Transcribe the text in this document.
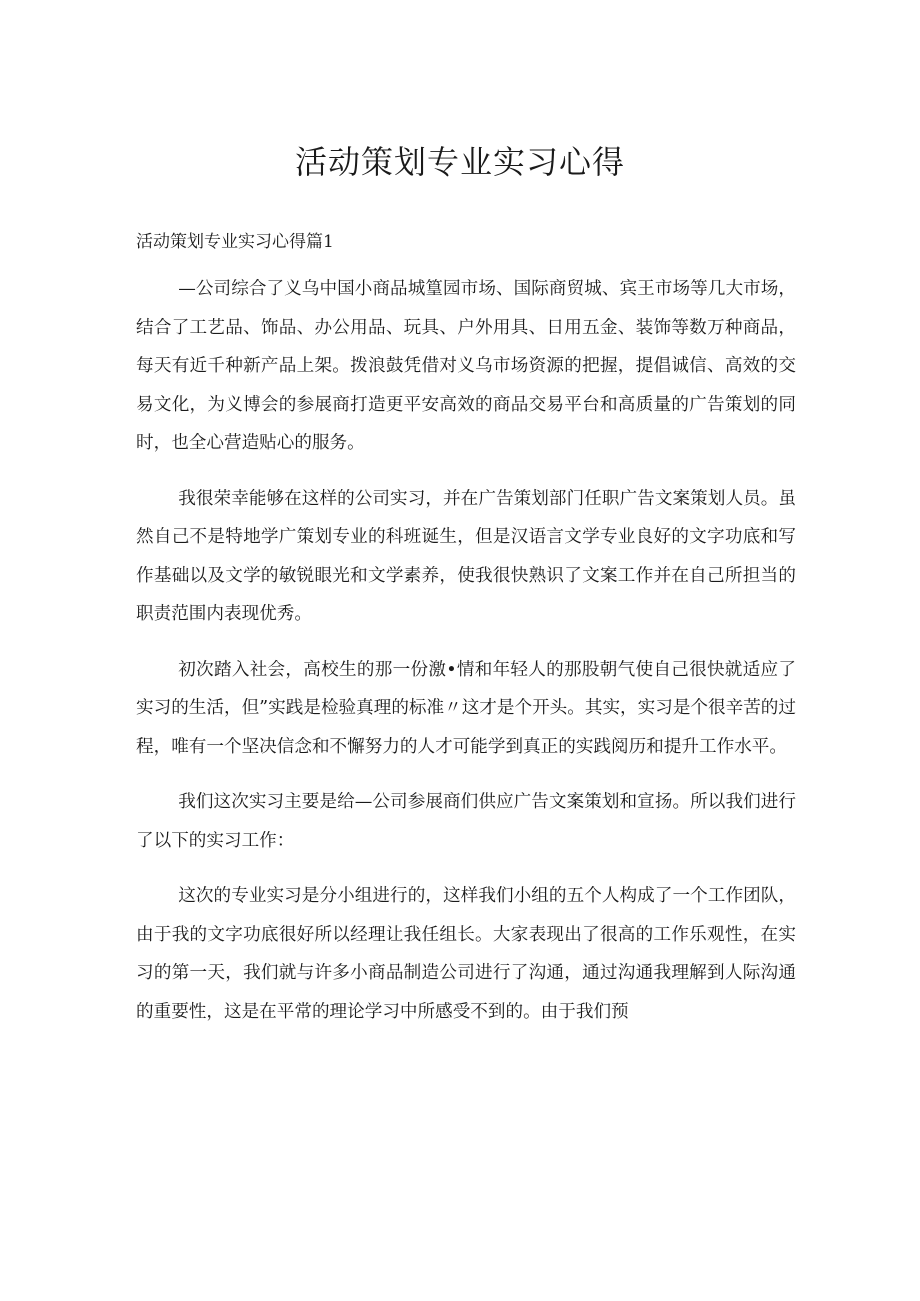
活动策划专业实习心得

活动策划专业实习心得篇1

—公司综合了义乌中国小商品城篁园市场、国际商贸城、宾王市场等几大市场，结合了工艺品、饰品、办公用品、玩具、户外用具、日用五金、装饰等数万种商品，每天有近千种新产品上架。拨浪鼓凭借对义乌市场资源的把握，提倡诚信、高效的交易文化，为义博会的参展商打造更平安高效的商品交易平台和高质量的广告策划的同时，也全心营造贴心的服务。

我很荣幸能够在这样的公司实习，并在广告策划部门任职广告文案策划人员。虽然自己不是特地学广策划专业的科班诞生，但是汉语言文学专业良好的文字功底和写作基础以及文学的敏锐眼光和文学素养，使我很快熟识了文案工作并在自己所担当的职责范围内表现优秀。

初次踏入社会，高校生的那一份激•情和年轻人的那股朝气使自己很快就适应了实习的生活，但”实践是检验真理的标准〃这才是个开头。其实，实习是个很辛苦的过程，唯有一个坚决信念和不懈努力的人才可能学到真正的实践阅历和提升工作水平。

我们这次实习主要是给—公司参展商们供应广告文案策划和宣扬。所以我们进行了以下的实习工作：

这次的专业实习是分小组进行的，这样我们小组的五个人构成了一个工作团队，由于我的文字功底很好所以经理让我任组长。大家表现出了很高的工作乐观性，在实习的第一天，我们就与许多小商品制造公司进行了沟通，通过沟通我理解到人际沟通的重要性，这是在平常的理论学习中所感受不到的。由于我们预
